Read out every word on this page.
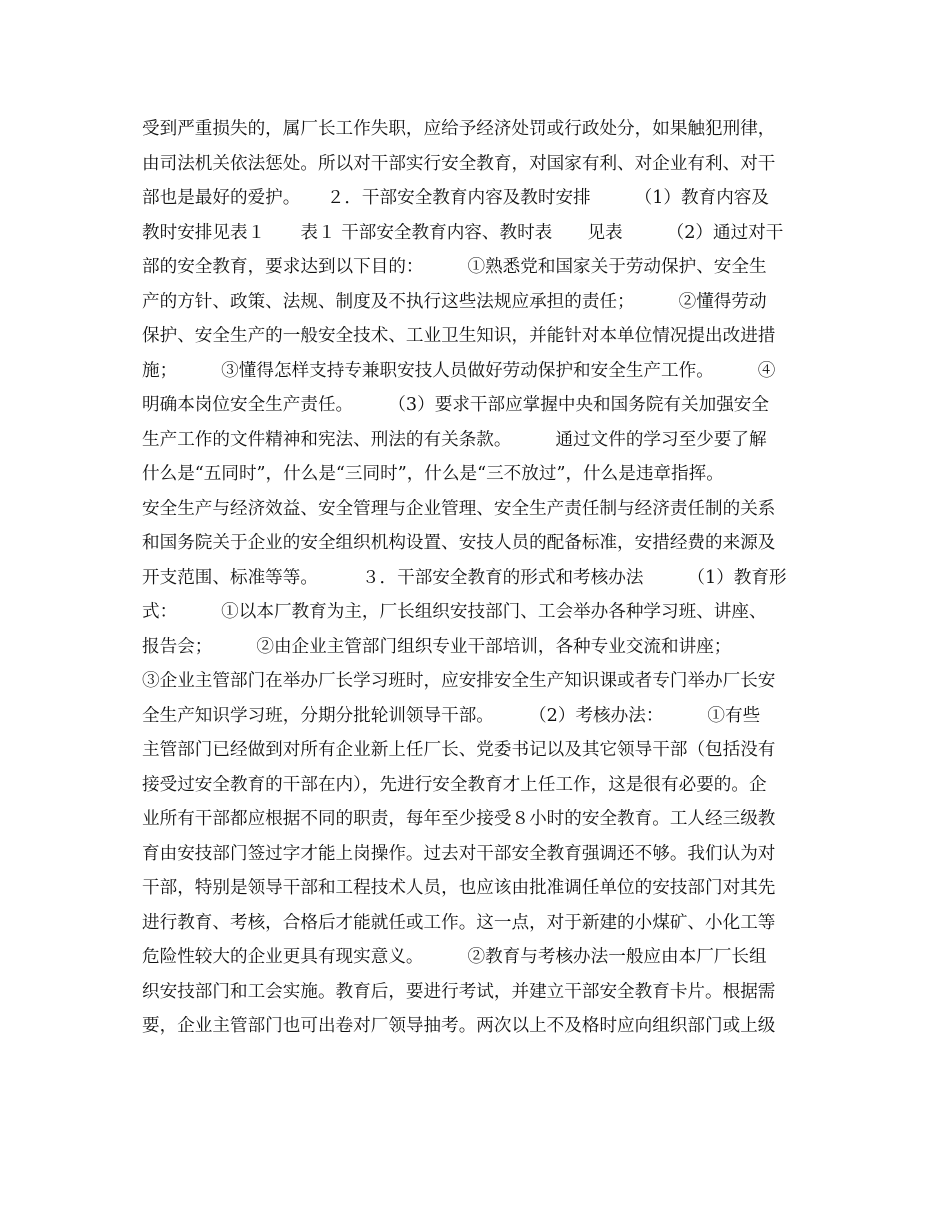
受到严重损失的，属厂长工作失职，应给予经济处罚或行政处分，如果触犯刑律，
由司法机关依法惩处。所以对干部实行安全教育，对国家有利、对企业有利、对干
部也是最好的爱护。　　２．干部安全教育内容及教时安排　　　（1）教育内容及
教时安排见表１　　表１ 干部安全教育内容、教时表　　见表　　　（2）通过对干
部的安全教育，要求达到以下目的：　　　①熟悉党和国家关于劳动保护、安全生
产的方针、政策、法规、制度及不执行这些法规应承担的责任；　　　②懂得劳动
保护、安全生产的一般安全技术、工业卫生知识，并能针对本单位情况提出改进措
施；　　　③懂得怎样支持专兼职安技人员做好劳动保护和安全生产工作。　　　④
明确本岗位安全生产责任。　　　（3）要求干部应掌握中央和国务院有关加强安全
生产工作的文件精神和宪法、刑法的有关条款。　　　通过文件的学习至少要了解
什么是“五同时”，什么是“三同时”，什么是“三不放过”，什么是违章指挥。
安全生产与经济效益、安全管理与企业管理、安全生产责任制与经济责任制的关系
和国务院关于企业的安全组织机构设置、安技人员的配备标准，安措经费的来源及
开支范围、标准等等。　　　３．干部安全教育的形式和考核办法　　　（1）教育形
式：　　　①以本厂教育为主，厂长组织安技部门、工会举办各种学习班、讲座、
报告会；　　　②由企业主管部门组织专业干部培训，各种专业交流和讲座；
③企业主管部门在举办厂长学习班时，应安排安全生产知识课或者专门举办厂长安
全生产知识学习班，分期分批轮训领导干部。　　　（2）考核办法：　　　①有些
主管部门已经做到对所有企业新上任厂长、党委书记以及其它领导干部（包括没有
接受过安全教育的干部在内），先进行安全教育才上任工作，这是很有必要的。企
业所有干部都应根据不同的职责，每年至少接受８小时的安全教育。工人经三级教
育由安技部门签过字才能上岗操作。过去对干部安全教育强调还不够。我们认为对
干部，特别是领导干部和工程技术人员，也应该由批准调任单位的安技部门对其先
进行教育、考核，合格后才能就任或工作。这一点，对于新建的小煤矿、小化工等
危险性较大的企业更具有现实意义。　　　②教育与考核办法一般应由本厂厂长组
织安技部门和工会实施。教育后，要进行考试，并建立干部安全教育卡片。根据需
要，企业主管部门也可出卷对厂领导抽考。两次以上不及格时应向组织部门或上级
